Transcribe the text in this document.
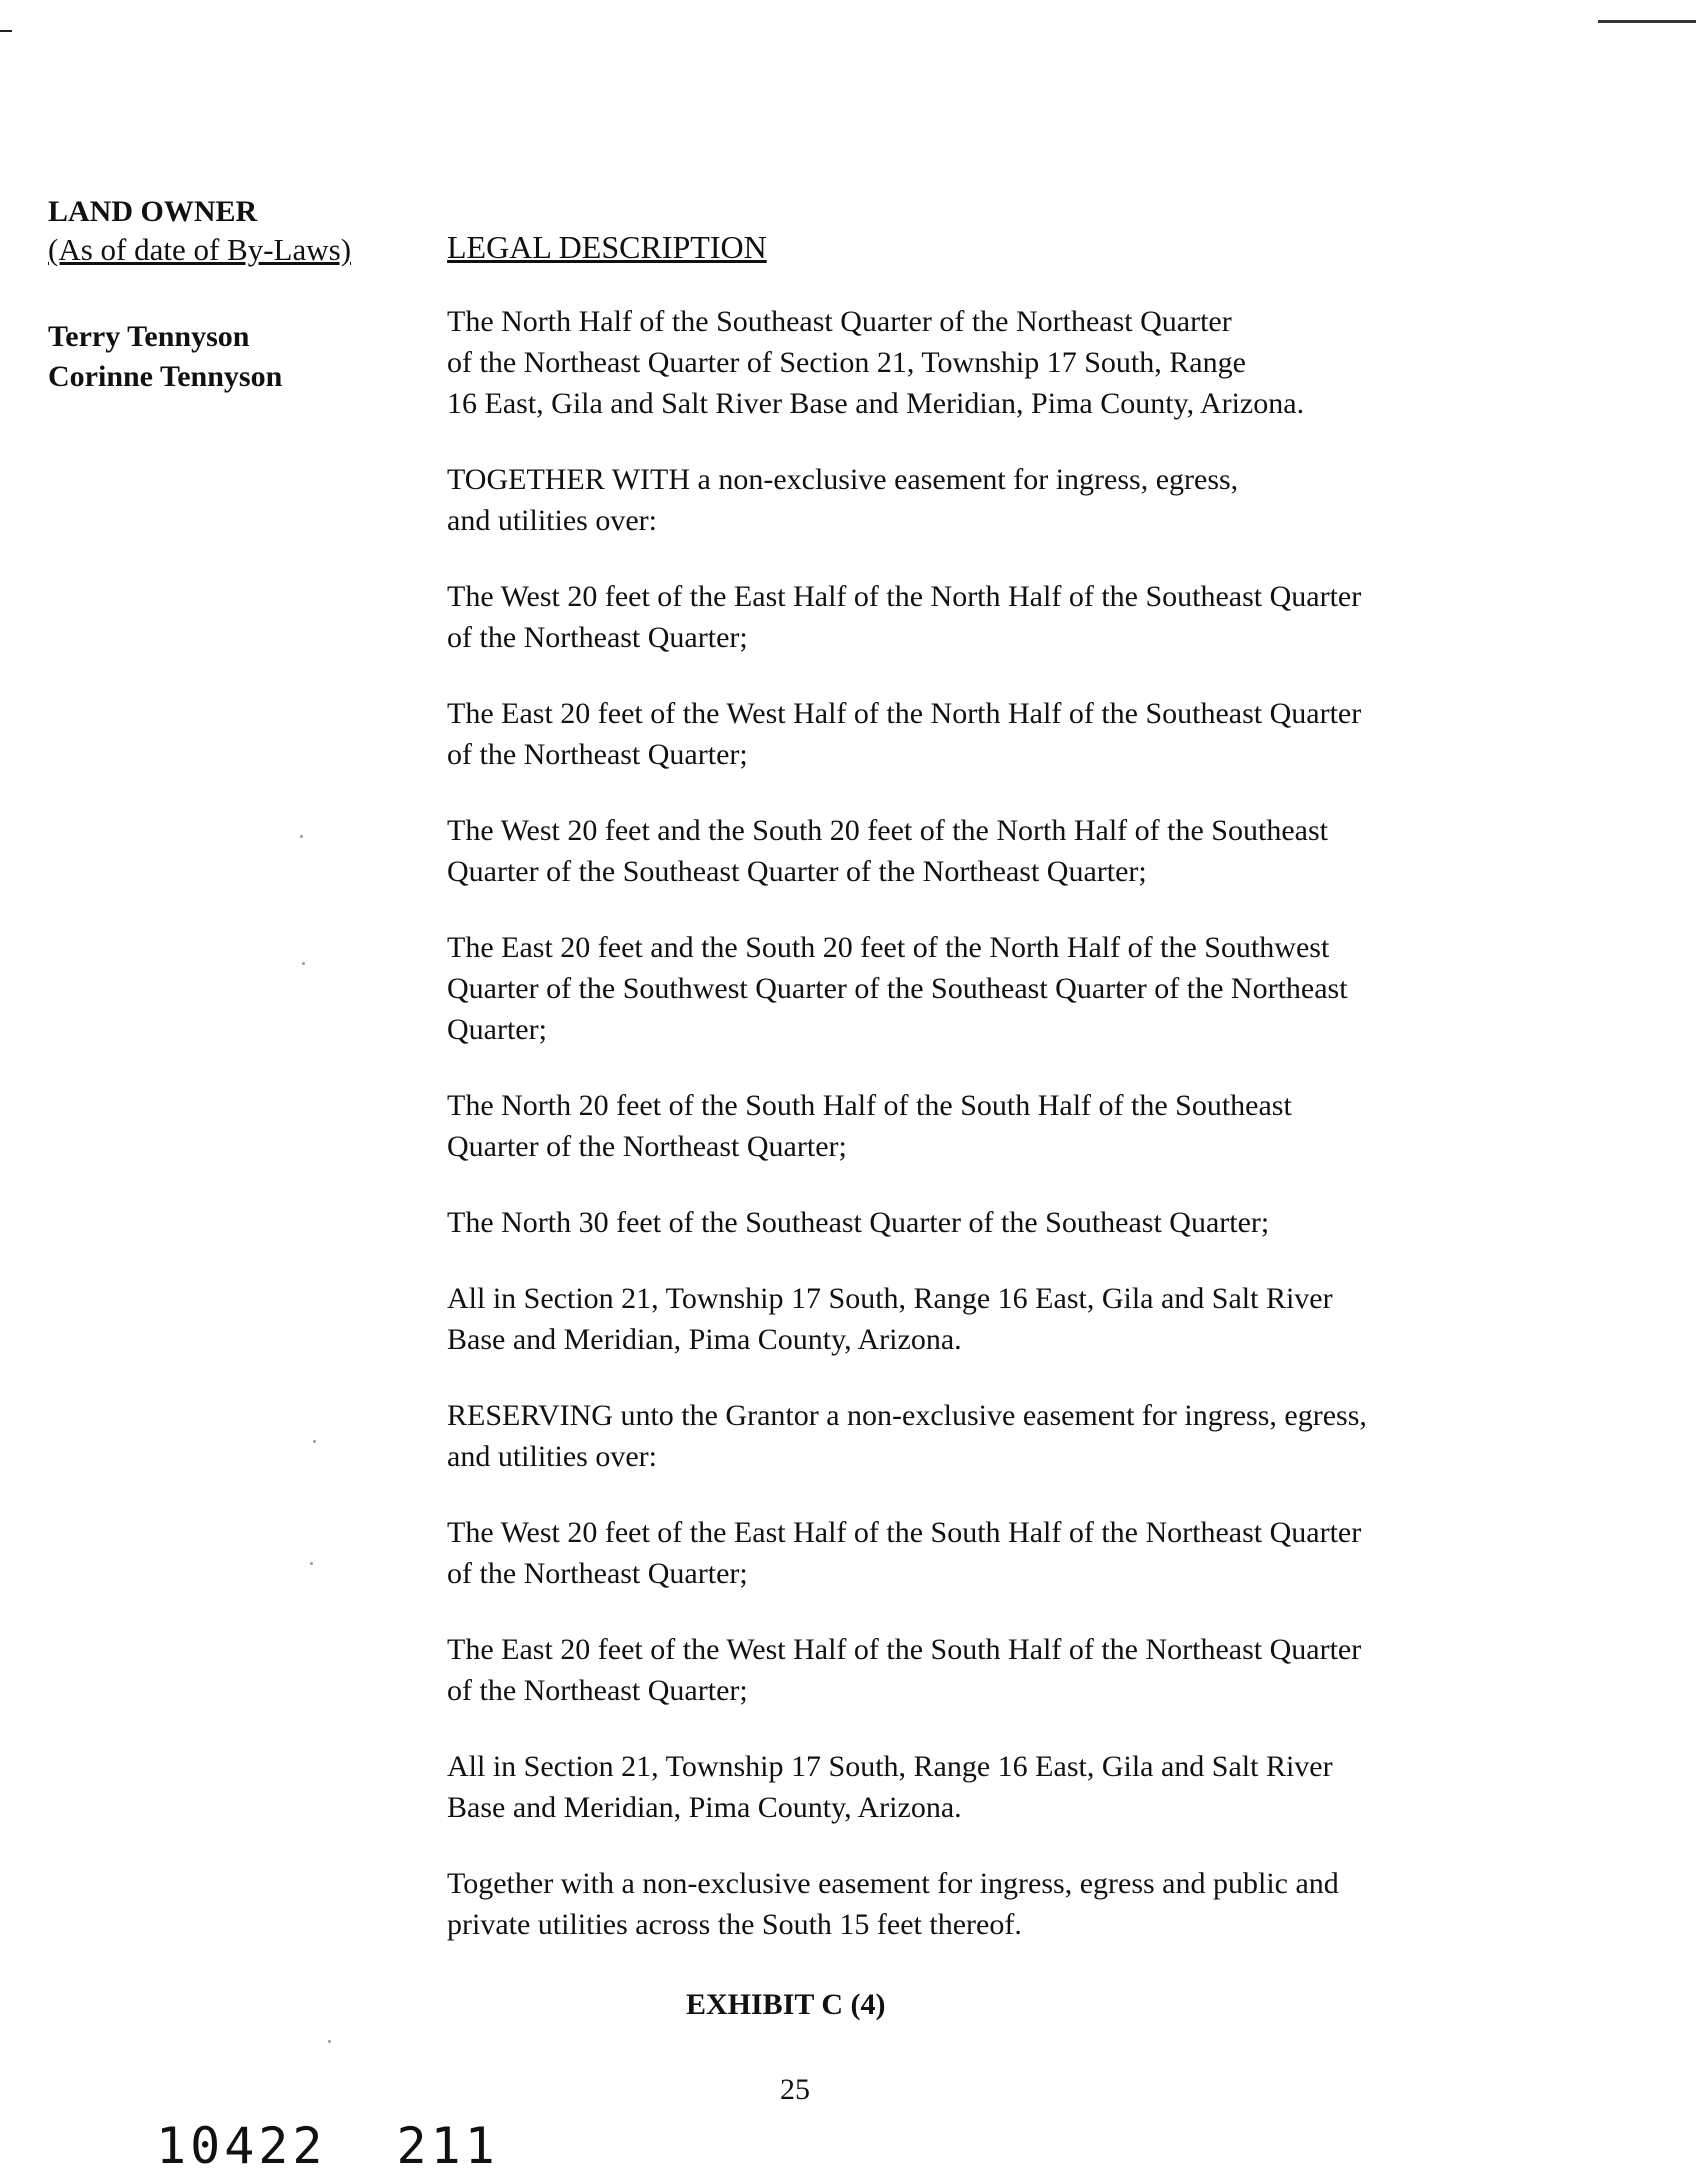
LAND OWNER

(As of date of By-Laws)

Terry Tennyson

Corinne Tennyson

LEGAL DESCRIPTION

The North Half of the Southeast Quarter of the Northeast Quarter
of the Northeast Quarter of Section 21, Township 17 South, Range
16 East, Gila and Salt River Base and Meridian, Pima County, Arizona.

TOGETHER WITH a non-exclusive easement for ingress, egress,
and utilities over:

The West 20 feet of the East Half of the North Half of the Southeast Quarter
of the Northeast Quarter;

The East 20 feet of the West Half of the North Half of the Southeast Quarter
of the Northeast Quarter;

The West 20 feet and the South 20 feet of the North Half of the Southeast
Quarter of the Southeast Quarter of the Northeast Quarter;

The East 20 feet and the South 20 feet of the North Half of the Southwest
Quarter of the Southwest Quarter of the Southeast Quarter of the Northeast
Quarter;

The North 20 feet of the South Half of the South Half of the Southeast
Quarter of the Northeast Quarter;

The North 30 feet of the Southeast Quarter of the Southeast Quarter;

All in Section 21, Township 17 South, Range 16 East, Gila and Salt River
Base and Meridian, Pima County, Arizona.

RESERVING unto the Grantor a non-exclusive easement for ingress, egress,
and utilities over:

The West 20 feet of the East Half of the South Half of the Northeast Quarter
of the Northeast Quarter;

The East 20 feet of the West Half of the South Half of the Northeast Quarter
of the Northeast Quarter;

All in Section 21, Township 17 South, Range 16 East, Gila and Salt River
Base and Meridian, Pima County, Arizona.

Together with a non-exclusive easement for ingress, egress and public and
private utilities across the South 15 feet thereof.

EXHIBIT C (4)
25
10422 211
